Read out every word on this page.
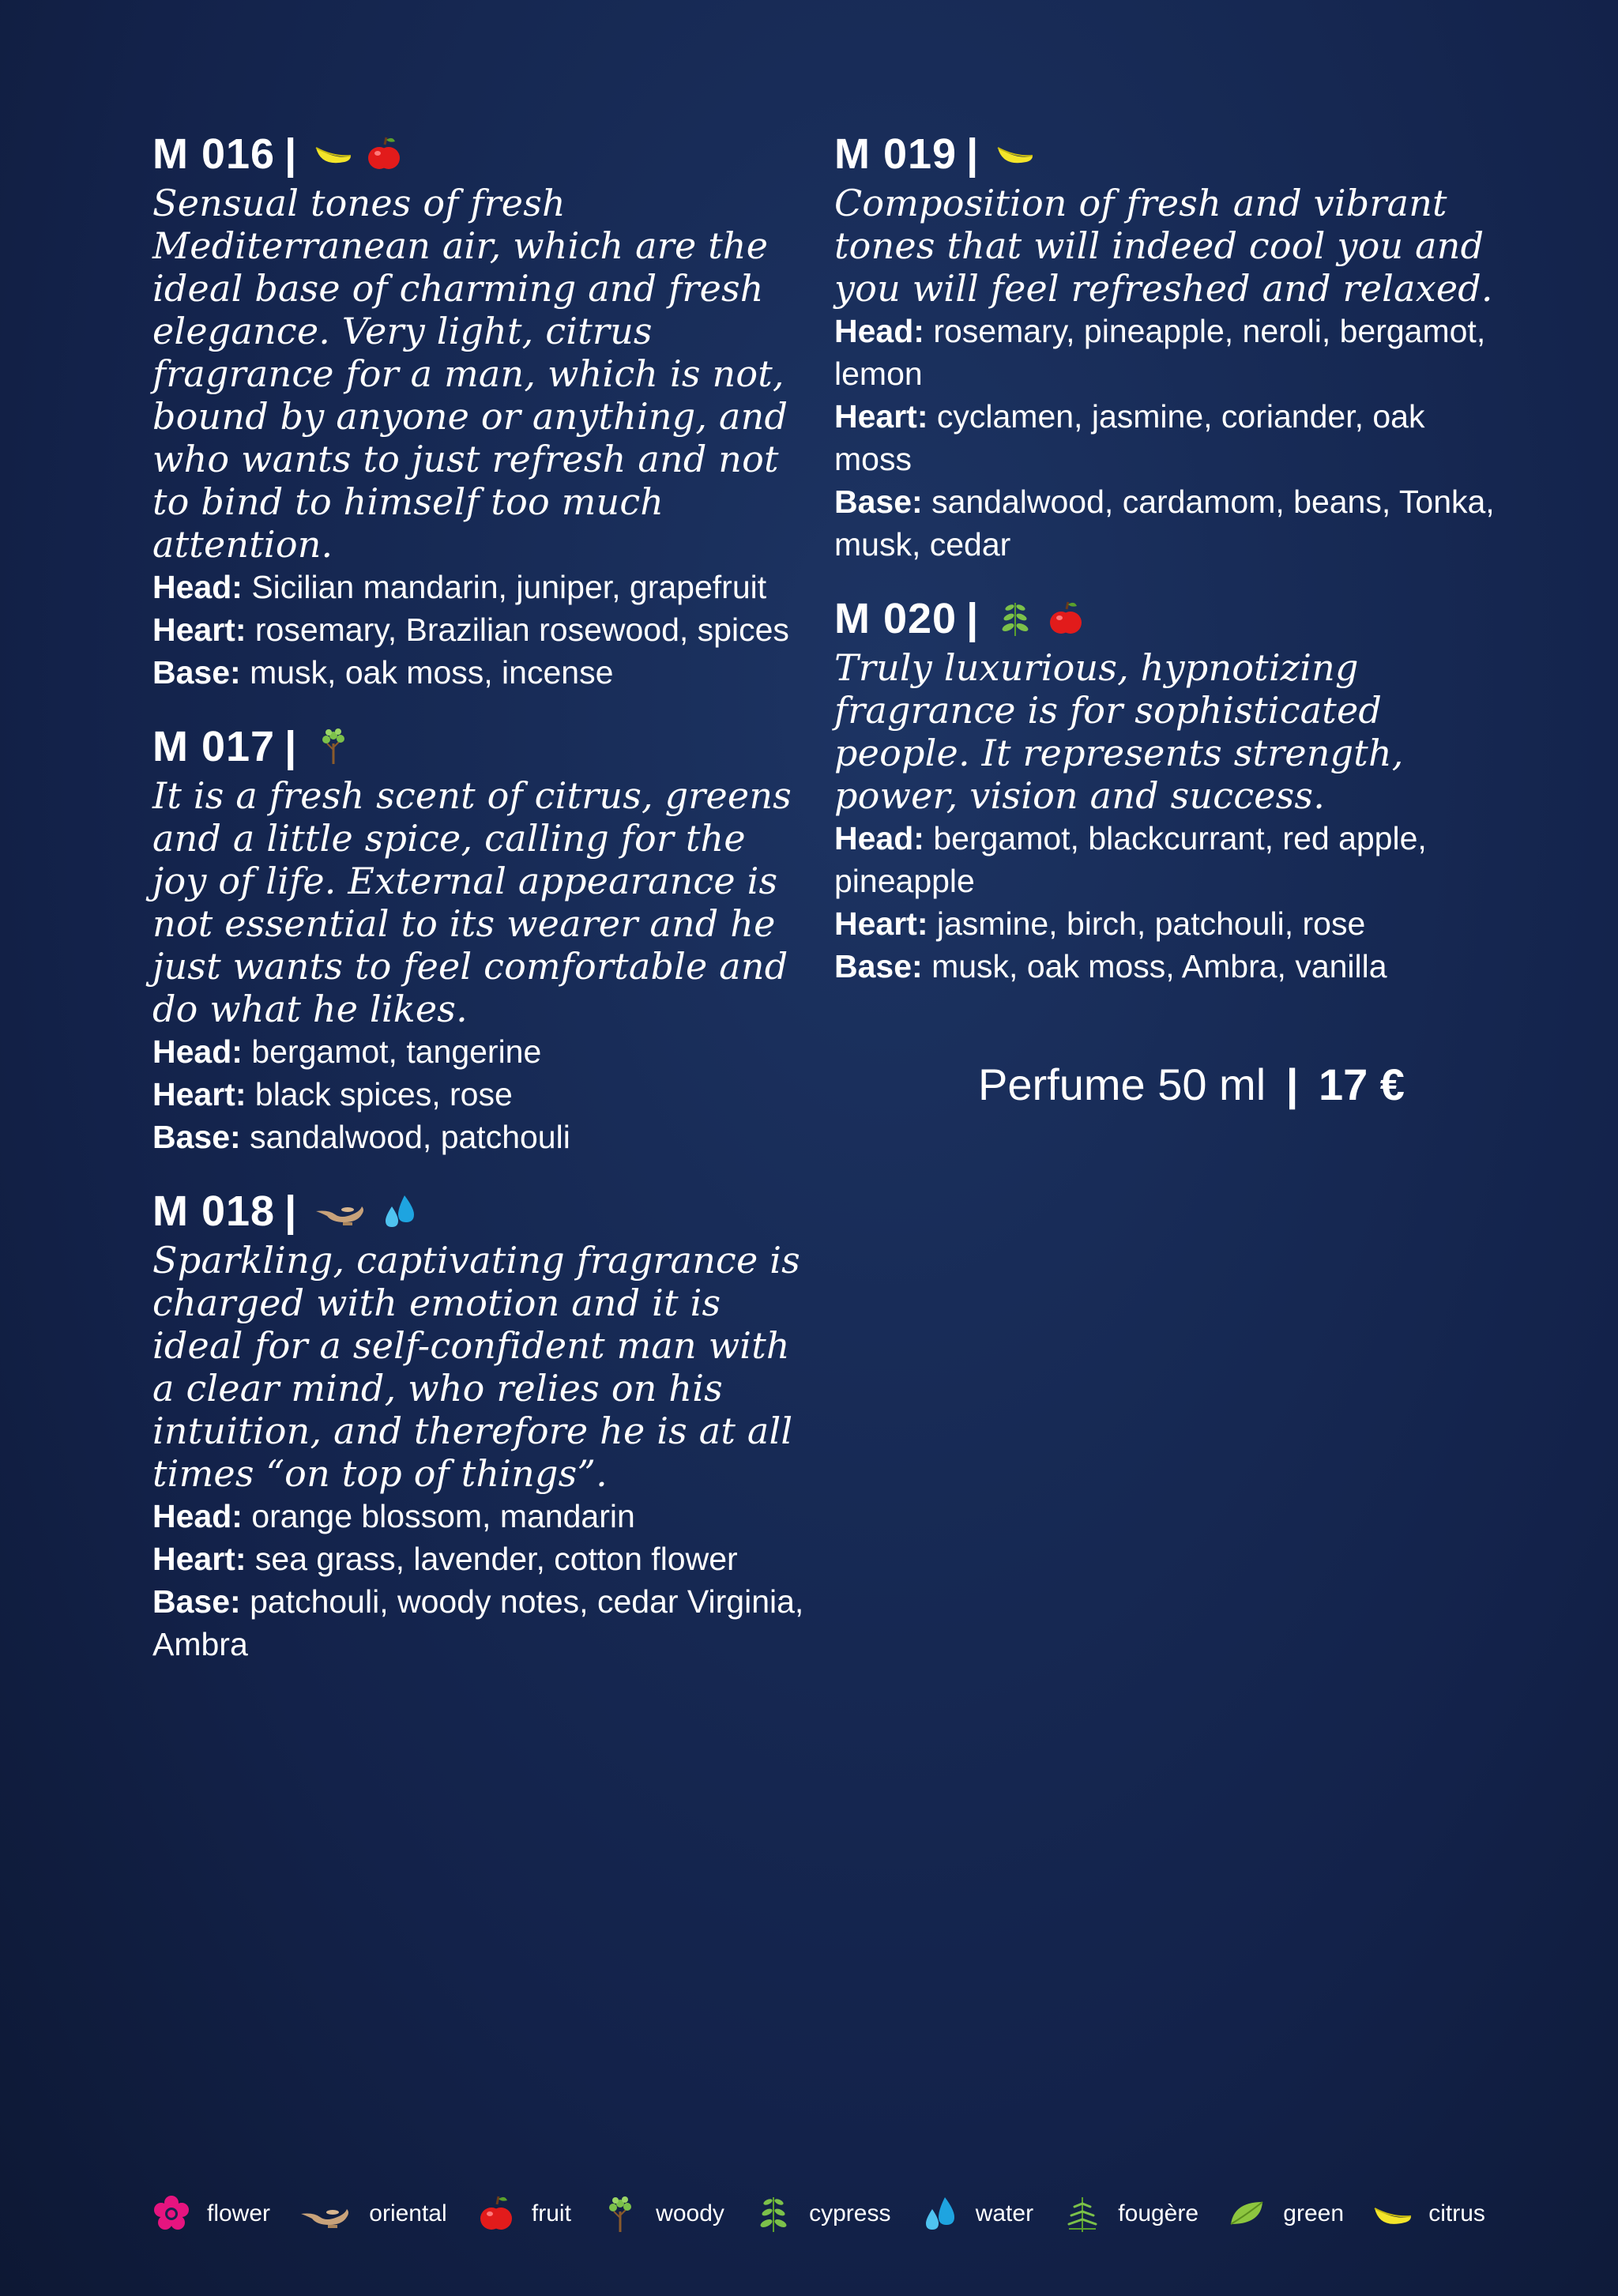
M 016 |

Sensual tones of fresh Mediterranean air, which are the ideal base of charming and fresh elegance. Very light, citrus fragrance for a man, which is not, bound by anyone or anything, and who wants to just refresh and not to bind to himself too much attention.

Head: Sicilian mandarin, juniper, grapefruit

Heart: rosemary, Brazilian rosewood, spices

Base: musk, oak moss, incense

M 017 |

It is a fresh scent of citrus, greens and a little spice, calling for the joy of life. External appearance is not essential to its wearer and he just wants to feel comfortable and do what he likes.

Head: bergamot, tangerine

Heart: black spices, rose

Base: sandalwood, patchouli

M 018 |

Sparkling, captivating fragrance is charged with emotion and it is ideal for a self-confident man with a clear mind, who relies on his intuition, and therefore he is at all times “on top of things”.

Head: orange blossom, mandarin

Heart: sea grass, lavender, cotton flower

Base: patchouli, woody notes, cedar Virginia, Ambra

M 019 |

Composition of fresh and vibrant tones that will indeed cool you and you will feel refreshed and relaxed.

Head: rosemary, pineapple, neroli, bergamot, lemon

Heart: cyclamen, jasmine, coriander, oak moss

Base: sandalwood, cardamom, beans, Tonka, musk, cedar

M 020 |

Truly luxurious, hypnotizing fragrance is for sophisticated people. It represents strength, power, vision and success.

Head: bergamot, blackcurrant, red apple, pineapple

Heart: jasmine, birch, patchouli, rose

Base: musk, oak moss, Ambra, vanilla

Perfume 50 ml | 17 €
flower	oriental	fruit	woody	cypress	water	fougère	green	citrus
